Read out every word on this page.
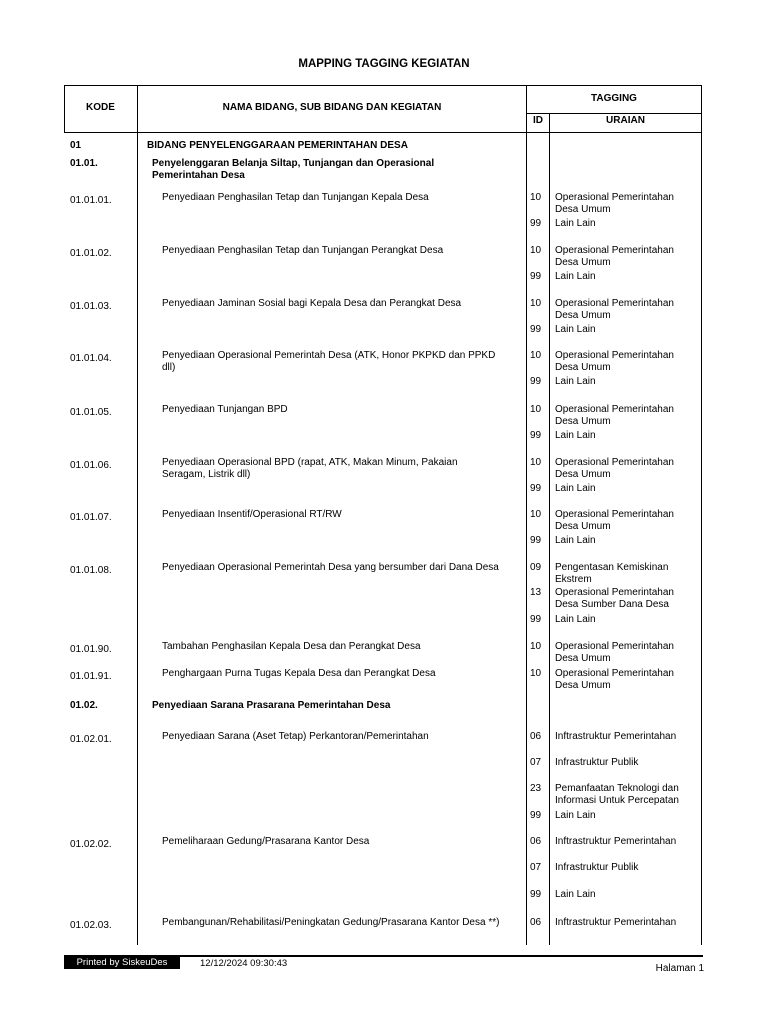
MAPPING TAGGING KEGIATAN
KODE	NAMA BIDANG, SUB BIDANG DAN KEGIATAN
TAGGING
ID	URAIAN
01	BIDANG PENYELENGGARAAN PEMERINTAHAN DESA
01.01.	Penyelenggaran Belanja Siltap, Tunjangan dan Operasional
Pemerintahan Desa
01.01.01.	Penyediaan Penghasilan Tetap dan Tunjangan Kepala Desa	10 Operasional Pemerintahan
Desa Umum
99 Lain Lain
01.01.02.	Penyediaan Penghasilan Tetap dan Tunjangan Perangkat Desa	10 Operasional Pemerintahan
Desa Umum
99 Lain Lain
01.01.03.	Penyediaan Jaminan Sosial bagi Kepala Desa dan Perangkat Desa	10 Operasional Pemerintahan
Desa Umum
99 Lain Lain
01.01.04.	Penyediaan Operasional Pemerintah Desa (ATK, Honor PKPKD dan PPKD
dll)
10 Operasional Pemerintahan
Desa Umum
99 Lain Lain
01.01.05.	Penyediaan Tunjangan BPD	10 Operasional Pemerintahan
Desa Umum
99 Lain Lain
01.01.06.	Penyediaan Operasional BPD (rapat, ATK, Makan Minum, Pakaian
Seragam, Listrik dll)
10 Operasional Pemerintahan
Desa Umum
99 Lain Lain
01.01.07.	Penyediaan Insentif/Operasional RT/RW	10 Operasional Pemerintahan
Desa Umum
99 Lain Lain
01.01.08.	Penyediaan Operasional Pemerintah Desa yang bersumber dari Dana Desa	09 Pengentasan Kemiskinan
Ekstrem
13 Operasional Pemerintahan
Desa Sumber Dana Desa
99 Lain Lain
01.01.90.	Tambahan Penghasilan Kepala Desa dan Perangkat Desa	10 Operasional Pemerintahan
Desa Umum
01.01.91.	Penghargaan Purna Tugas Kepala Desa dan Perangkat Desa	10 Operasional Pemerintahan
Desa Umum
01.02.	Penyediaan Sarana Prasarana Pemerintahan Desa
01.02.01.	Penyediaan Sarana (Aset Tetap) Perkantoran/Pemerintahan	06 Inftrastruktur Pemerintahan
07 Infrastruktur Publik
23 Pemanfaatan Teknologi dan
Informasi Untuk Percepatan
99 Lain Lain
01.02.02.	Pemeliharaan Gedung/Prasarana Kantor Desa	06 Inftrastruktur Pemerintahan
07 Infrastruktur Publik
99 Lain Lain
01.02.03.	Pembangunan/Rehabilitasi/Peningkatan Gedung/Prasarana Kantor Desa **)	06 Inftrastruktur Pemerintahan
Printed by SiskeuDes	12/12/2024 09:30:43	Halaman 1
